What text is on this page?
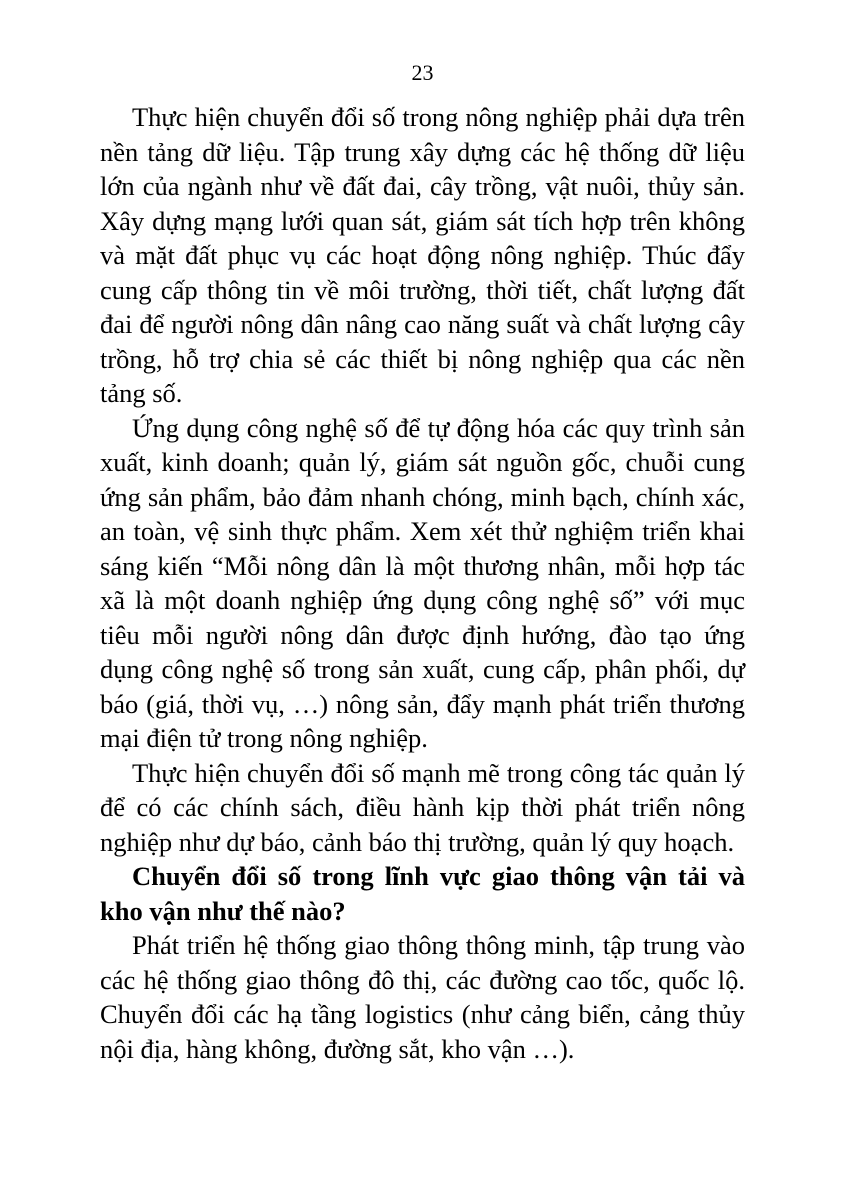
23

Thực hiện chuyển đổi số trong nông nghiệp phải dựa trên nền tảng dữ liệu. Tập trung xây dựng các hệ thống dữ liệu lớn của ngành như về đất đai, cây trồng, vật nuôi, thủy sản. Xây dựng mạng lưới quan sát, giám sát tích hợp trên không và mặt đất phục vụ các hoạt động nông nghiệp. Thúc đẩy cung cấp thông tin về môi trường, thời tiết, chất lượng đất đai để người nông dân nâng cao năng suất và chất lượng cây trồng, hỗ trợ chia sẻ các thiết bị nông nghiệp qua các nền tảng số.

Ứng dụng công nghệ số để tự động hóa các quy trình sản xuất, kinh doanh; quản lý, giám sát nguồn gốc, chuỗi cung ứng sản phẩm, bảo đảm nhanh chóng, minh bạch, chính xác, an toàn, vệ sinh thực phẩm. Xem xét thử nghiệm triển khai sáng kiến “Mỗi nông dân là một thương nhân, mỗi hợp tác xã là một doanh nghiệp ứng dụng công nghệ số” với mục tiêu mỗi người nông dân được định hướng, đào tạo ứng dụng công nghệ số trong sản xuất, cung cấp, phân phối, dự báo (giá, thời vụ, …) nông sản, đẩy mạnh phát triển thương mại điện tử trong nông nghiệp.

Thực hiện chuyển đổi số mạnh mẽ trong công tác quản lý để có các chính sách, điều hành kịp thời phát triển nông nghiệp như dự báo, cảnh báo thị trường, quản lý quy hoạch.

Chuyển đổi số trong lĩnh vực giao thông vận tải và kho vận như thế nào?

Phát triển hệ thống giao thông thông minh, tập trung vào các hệ thống giao thông đô thị, các đường cao tốc, quốc lộ. Chuyển đổi các hạ tầng logistics (như cảng biển, cảng thủy nội địa, hàng không, đường sắt, kho vận …).
